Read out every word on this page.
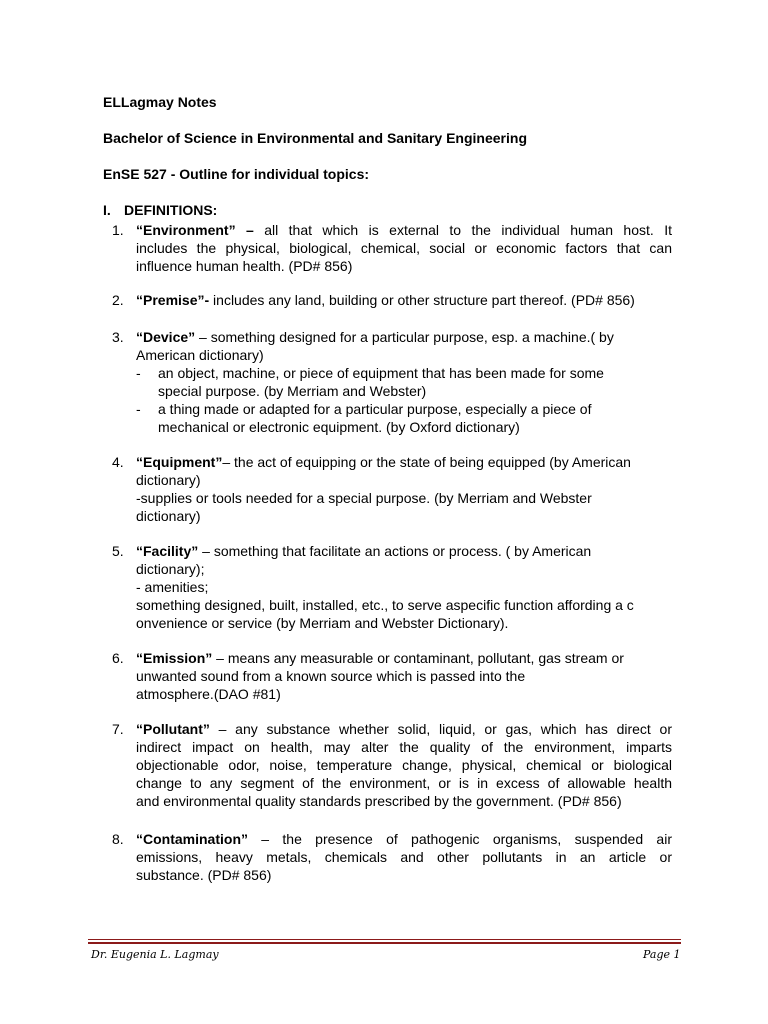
ELLagmay Notes
Bachelor of Science in Environmental and Sanitary Engineering
EnSE 527 - Outline for individual topics:
I. DEFINITIONS:
1. “Environment” – all that which is external to the individual human host. It
includes the physical, biological, chemical, social or economic factors that can
influence human health. (PD# 856)
2. “Premise”- includes any land, building or other structure part thereof. (PD# 856)
3. “Device” – something designed for a particular purpose, esp. a machine.( by
American dictionary)
- an object, machine, or piece of equipment that has been made for some
special purpose. (by Merriam and Webster)
- a thing made or adapted for a particular purpose, especially a piece of
mechanical or electronic equipment. (by Oxford dictionary)
4. “Equipment”– the act of equipping or the state of being equipped (by American
dictionary)
-supplies or tools needed for a special purpose. (by Merriam and Webster
dictionary)
5. “Facility” – something that facilitate an actions or process. ( by American
dictionary);
- amenities;
something designed, built, installed, etc., to serve aspecific function affording a c
onvenience or service (by Merriam and Webster Dictionary).
6. “Emission” – means any measurable or contaminant, pollutant, gas stream or
unwanted sound from a known source which is passed into the
atmosphere.(DAO #81)
7. “Pollutant” – any substance whether solid, liquid, or gas, which has direct or
indirect impact on health, may alter the quality of the environment, imparts
objectionable odor, noise, temperature change, physical, chemical or biological
change to any segment of the environment, or is in excess of allowable health
and environmental quality standards prescribed by the government. (PD# 856)
8. “Contamination” – the presence of pathogenic organisms, suspended air
emissions, heavy metals, chemicals and other pollutants in an article or
substance. (PD# 856)
Dr. Eugenia L. Lagmay	Page 1
